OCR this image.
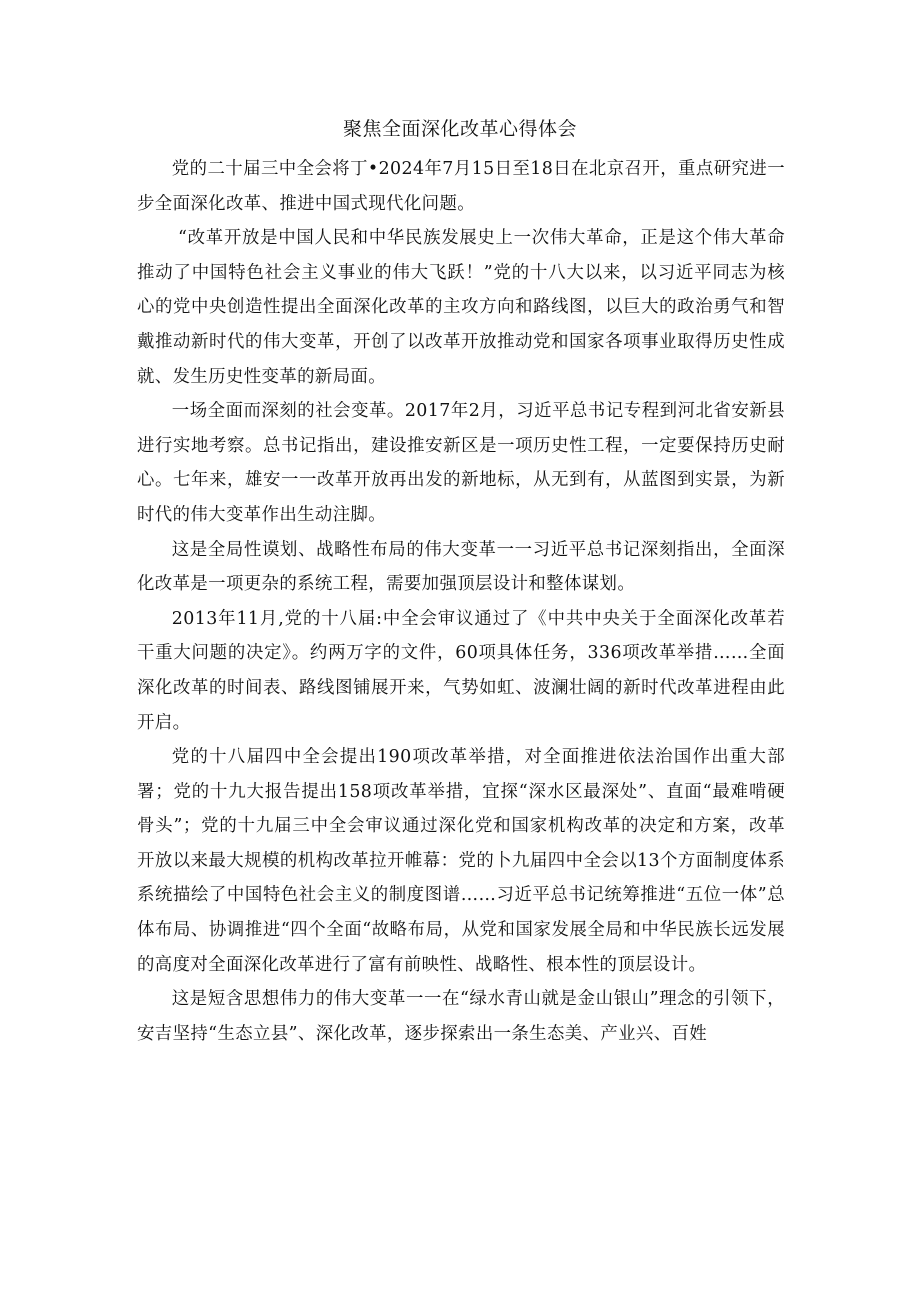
聚焦全面深化改革心得体会

党的二十届三中全会将丁•2024年7月15日至18日在北京召开，重点研究进一步全面深化改革、推进中国式现代化问题。

“改革开放是中国人民和中华民族发展史上一次伟大革命，正是这个伟大革命推动了中国特色社会主义事业的伟大飞跃！”党的十八大以来，以习近平同志为核心的党中央创造性提出全面深化改革的主攻方向和路线图，以巨大的政治勇气和智戴推动新时代的伟大变革，开创了以改革开放推动党和国家各项事业取得历史性成就、发生历史性变革的新局面。

一场全面而深刻的社会变革。2017年2月，习近平总书记专程到河北省安新县进行实地考察。总书记指出，建设推安新区是一项历史性工程，一定要保持历史耐心。七年来，雄安一一改革开放再出发的新地标，从无到有，从蓝图到实景，为新时代的伟大变革作出生动注脚。

这是全局性谟划、战略性布局的伟大变革一一习近平总书记深刻指出，全面深化改革是一项更杂的系统工程，需要加强顶层设计和整体谋划。

2013年11月,党的十八届:中全会审议通过了《中共中央关于全面深化改革若干重大问题的决定》。约两万字的文件，60项具体任务，336项改革举措……全面深化改革的时间表、路线图铺展开来，气势如虹、波澜壮阔的新时代改革进程由此开启。

党的十八届四中全会提出190项改革举措，对全面推进依法治国作出重大部署；党的十九大报告提出158项改革举措，宜探“深水区最深处”、直面“最难啃硬骨头”；党的十九届三中全会审议通过深化党和国家机构改革的决定和方案，改革开放以来最大规模的机构改革拉开帷幕：党的卜九届四中全会以13个方面制度体系系统描绘了中国特色社会主义的制度图谱……习近平总书记统筹推进“五位一体”总体布局、协调推进“四个全面“故略布局，从党和国家发展全局和中华民族长远发展的高度对全面深化改革进行了富有前映性、战略性、根本性的顶层设计。

这是短含思想伟力的伟大变革一一在“绿水青山就是金山银山”理念的引领下，安吉坚持“生态立县”、深化改革，逐步探索出一条生态美、产业兴、百姓
